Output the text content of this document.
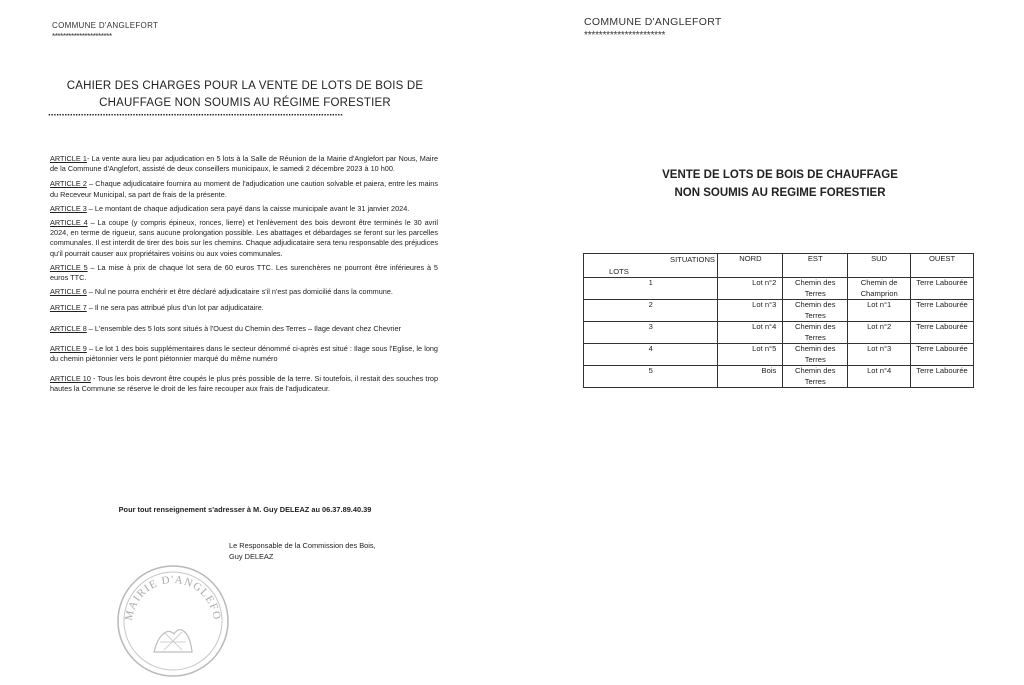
COMMUNE D'ANGLEFORT
**********************
CAHIER DES CHARGES POUR LA VENTE DE LOTS DE BOIS DE
CHAUFFAGE NON SOUMIS AU RÉGIME FORESTIER
············································································································
ARTICLE 1- La vente aura lieu par adjudication en 5 lots à la Salle de Réunion de la Mairie d'Anglefort par Nous, Maire de la Commune d'Anglefort, assisté de deux conseillers municipaux, le samedi 2 décembre 2023 à 10 h00.
ARTICLE 2 – Chaque adjudicataire fournira au moment de l'adjudication une caution solvable et paiera, entre les mains du Receveur Municipal, sa part de frais de la présente.
ARTICLE 3 – Le montant de chaque adjudication sera payé dans la caisse municipale avant le 31 janvier 2024.
ARTICLE 4 – La coupe (y compris épineux, ronces, lierre) et l'enlèvement des bois devront être terminés le 30 avril 2024, en terme de rigueur, sans aucune prolongation possible. Les abattages et débardages se feront sur les parcelles communales. Il est interdit de tirer des bois sur les chemins. Chaque adjudicataire sera tenu responsable des préjudices qu'il pourrait causer aux propriétaires voisins ou aux voies communales.
ARTICLE 5 – La mise à prix de chaque lot sera de 60 euros TTC. Les surenchères ne pourront être inférieures à 5 euros TTC.
ARTICLE 6 – Nul ne pourra enchérir et être déclaré adjudicataire s'il n'est pas domicilié dans la commune.
ARTICLE 7 – Il ne sera pas attribué plus d'un lot par adjudicataire.
ARTICLE 8 – L'ensemble des 5 lots sont situés à l'Ouest du Chemin des Terres – Ilage devant chez Chevrier
ARTICLE 9 – Le lot 1 des bois supplémentaires dans le secteur dénommé ci-après est situé : Ilage sous l'Eglise, le long du chemin piétonnier vers le pont piétonnier marqué du même numéro
ARTICLE 10 - Tous les bois devront être coupés le plus près possible de la terre. Si toutefois, il restait des souches trop hautes la Commune se réserve le droit de les faire recouper aux frais de l'adjudicateur.
Pour tout renseignement s'adresser à M. Guy DELEAZ au 06.37.89.40.39
Le Responsable de la Commission des Bois,
Guy DELEAZ
MAIRIE D'ANGLEFO
COMMUNE D'ANGLEFORT
**********************
VENTE DE LOTS DE BOIS DE CHAUFFAGE
NON SOUMIS AU REGIME FORESTIER
SITUATIONS
LOTS	NORD	EST	SUD	OUEST
1	Lot n°2	Chemin des Terres	Chemin de Champrion	Terre Labourée
2	Lot n°3	Chemin des Terres	Lot n°1	Terre Labourée
3	Lot n°4	Chemin des Terres	Lot n°2	Terre Labourée
4	Lot n°5	Chemin des Terres	Lot n°3	Terre Labourée
5	Bois	Chemin des Terres	Lot n°4	Terre Labourée
